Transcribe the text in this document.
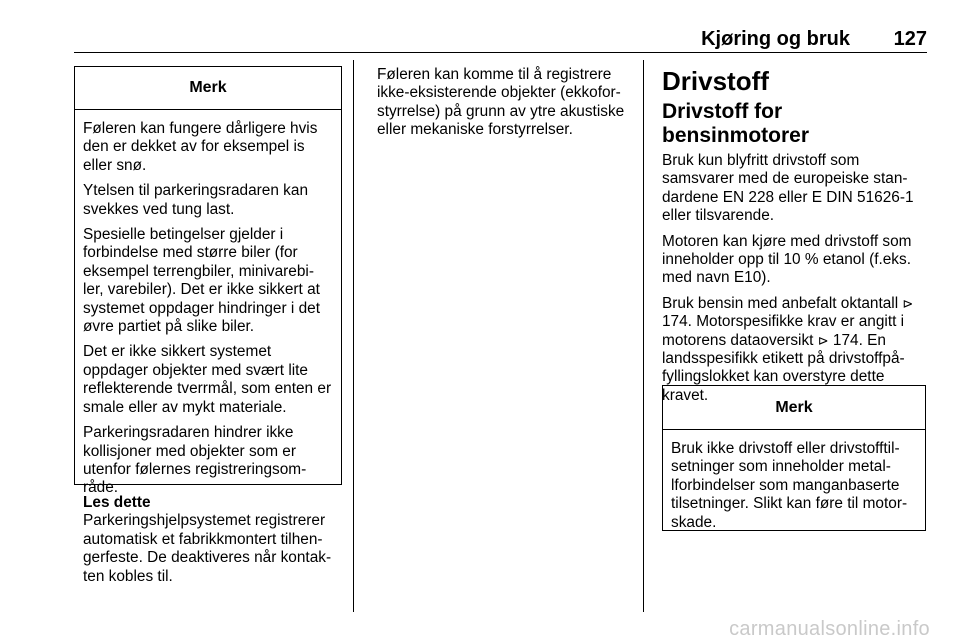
Kjøring og bruk	127
Merk

Føleren kan fungere dårligere hvis den er dekket av for eksempel is eller snø.

Ytelsen til parkeringsradaren kan svekkes ved tung last.

Spesielle betingelser gjelder i forbindelse med større biler (for eksempel terrengbiler, minivarebi-ler, varebiler). Det er ikke sikkert at systemet oppdager hindringer i det øvre partiet på slike biler.

Det er ikke sikkert systemet oppdager objekter med svært lite reflekterende tverrmål, som enten er smale eller av mykt materiale.

Parkeringsradaren hindrer ikke kollisjoner med objekter som er utenfor følernes registreringsom-råde.

Les dette

Parkeringshjelpsystemet registrerer automatisk et fabrikkmontert tilhen-gerfeste. De deaktiveres når kontak-ten kobles til.

Føleren kan komme til å registrere ikke-eksisterende objekter (ekkofor-styrrelse) på grunn av ytre akustiske eller mekaniske forstyrrelser.

Drivstoff
Drivstoff for bensinmotorer

Bruk kun blyfritt drivstoff som samsvarer med de europeiske stan-dardene EN 228 eller E DIN 51626-1 eller tilsvarende.

Motoren kan kjøre med drivstoff som inneholder opp til 10 % etanol (f.eks. med navn E10).

Bruk bensin med anbefalt oktantall ⊳ 174. Motorspesifikke krav er angitt i motorens dataoversikt ⊳ 174. En landsspesifikk etikett på drivstoffpå-fyllingslokket kan overstyre dette kravet.

Merk

Bruk ikke drivstoff eller drivstofftil-setninger som inneholder metal-lforbindelser som manganbaserte tilsetninger. Slikt kan føre til motor-skade.

carmanualsonline.info
